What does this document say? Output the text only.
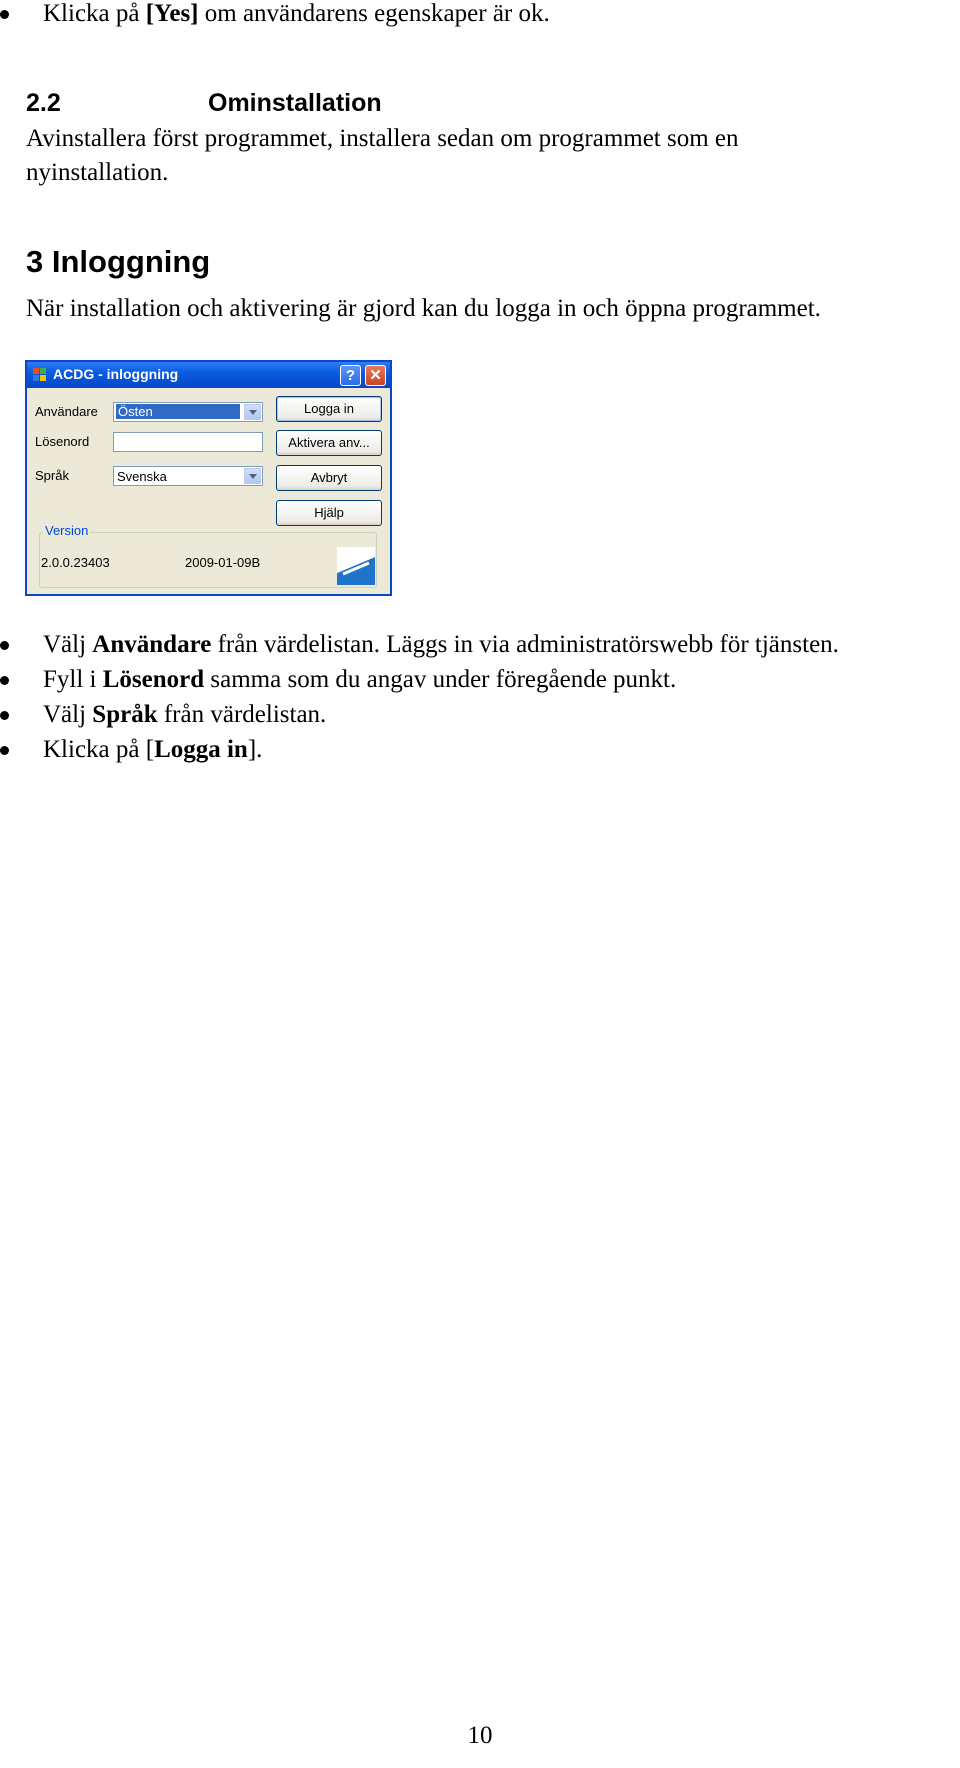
Klicka på [Yes] om användarens egenskaper är ok.
2.2	Ominstallation
Avinstallera först programmet, installera sedan om programmet som en
nyinstallation.
3 Inloggning
När installation och aktivering är gjord kan du logga in och öppna programmet.
ACDG - inloggning	? ✕
Användare Östen
Lösenord
Språk	Svenska
Logga in
Aktivera anv...
Avbryt
Hjälp
Version
2.0.0.23403	2009-01-09B
Välj Användare från värdelistan. Läggs in via administratörswebb för tjänsten.
Fyll i Lösenord samma som du angav under föregående punkt.
Välj Språk från värdelistan.
Klicka på [Logga in].
10
